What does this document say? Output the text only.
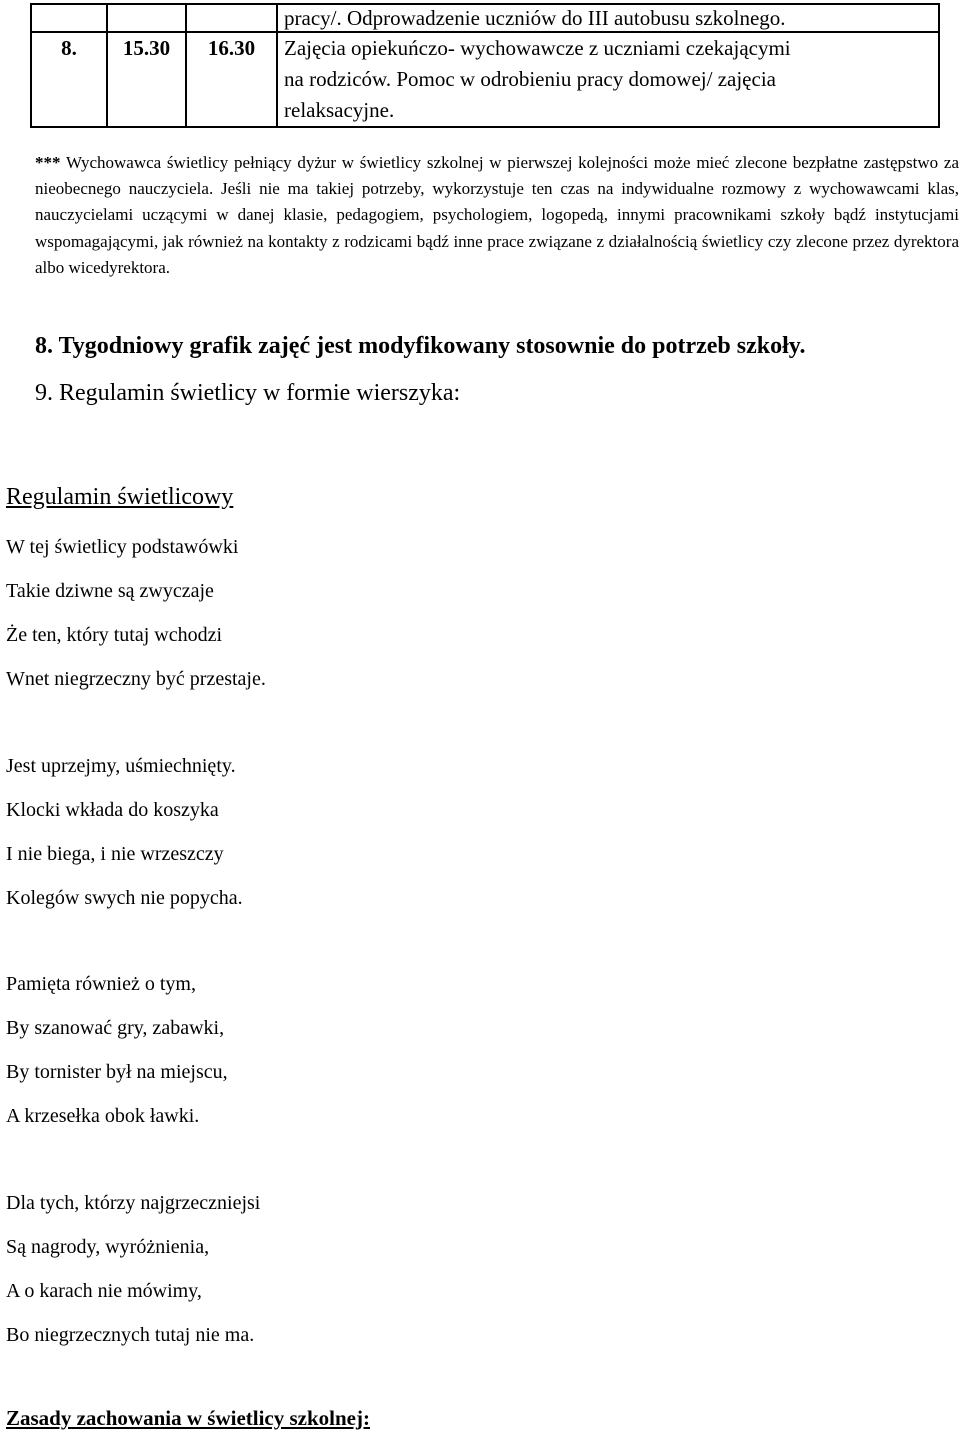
			pracy/. Odprowadzenie uczniów do III autobusu szkolnego.
8.	15.30	16.30	Zajęcia opiekuńczo- wychowawcze z uczniami czekającymi
na rodziców. Pomoc w odrobieniu pracy domowej/ zajęcia
relaksacyjne.

*** Wychowawca świetlicy pełniący dyżur w świetlicy szkolnej w pierwszej kolejności może mieć zlecone bezpłatne zastępstwo za nieobecnego nauczyciela. Jeśli nie ma takiej potrzeby, wykorzystuje ten czas na indywidualne rozmowy z wychowawcami klas, nauczycielami uczącymi w danej klasie, pedagogiem, psychologiem, logopedą, innymi pracownikami szkoły bądź instytucjami wspomagającymi, jak również na kontakty z rodzicami bądź inne prace związane z działalnością świetlicy czy zlecone przez dyrektora albo wicedyrektora.

8. Tygodniowy grafik zajęć jest modyfikowany stosownie do potrzeb szkoły.

9. Regulamin świetlicy w formie wierszyka:

Regulamin świetlicowy

W tej świetlicy podstawówki
Takie dziwne są zwyczaje
Że ten, który tutaj wchodzi
Wnet niegrzeczny być przestaje.
Jest uprzejmy, uśmiechnięty.
Klocki wkłada do koszyka
I nie biega, i nie wrzeszczy
Kolegów swych nie popycha.
Pamięta również o tym,
By szanować gry, zabawki,
By tornister był na miejscu,
A krzesełka obok ławki.
Dla tych, którzy najgrzeczniejsi
Są nagrody, wyróżnienia,
A o karach nie mówimy,
Bo niegrzecznych tutaj nie ma.

Zasady zachowania w świetlicy szkolnej:
